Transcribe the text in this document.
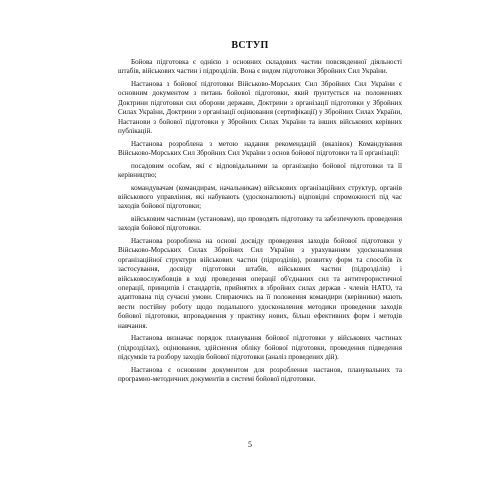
ВСТУП

Бойова підготовка є однією з основних складових частин повсякденної діяльності штабів, військових частин і підрозділів. Вона є видом підготовки Збройних Сил України.

Настанова з бойової підготовки Військово-Морських Сил Збройних Сил України є основним документом з питань бойової підготовки, який ґрунтується на положеннях Доктрини підготовки сил оборони держави, Доктрини з організації підготовки у Збройних Силах України, Доктрини з організації оцінювання (сертифікації) у Збройних Силах України, Настанови з бойової підготовки у Збройних Силах України та інших військових керівних публікацій.

Настанова розроблена з метою надання рекомендацій (вказівок) Командування Військово-Морських Сил Збройних Сил України з основ бойової підготовки та її організації:

посадовим особам, які є відповідальними за організацію бойової підготовки та її керівництво;

командувачам (командирам, начальникам) військових організаційних структур, органів військового управління, які набувають (удосконалюють) відповідні спроможності під час заходів бойової підготовки;

військовим частинам (установам), що проводять підготовку та забезпечують проведення заходів бойової підготовки.

Настанова розроблена на основі досвіду проведення заходів бойової підготовки у Військово-Морських Силах Збройних Сил України з урахуванням удосконалення організаційної структури військових частин (підрозділів), розвитку форм та способів їх застосування, досвіду підготовки штабів, військових частин (підрозділів) і військовослужбовців в ході проведення операції об'єднаних сил та антитерористичної операції, принципів і стандартів, прийнятих в збройних силах держав - членів НАТО, та адаптована під сучасні умови. Спираючись на її положення командири (керівники) мають вести постійну роботу щодо подальшого удосконалення методики проведення заходів бойової підготовки, впровадження у практику нових, більш ефективних форм і методів навчання.

Настанова визначає порядок планування бойової підготовки у військових частинах (підрозділах), оцінювання, здійснення обліку бойової підготовки, проведення підведення підсумків та розбору заходів бойової підготовки (аналіз проведених дій).

Настанова є основним документом для розроблення настанов, планувальних та програмно-методичних документів в системі бойової підготовки.

5
